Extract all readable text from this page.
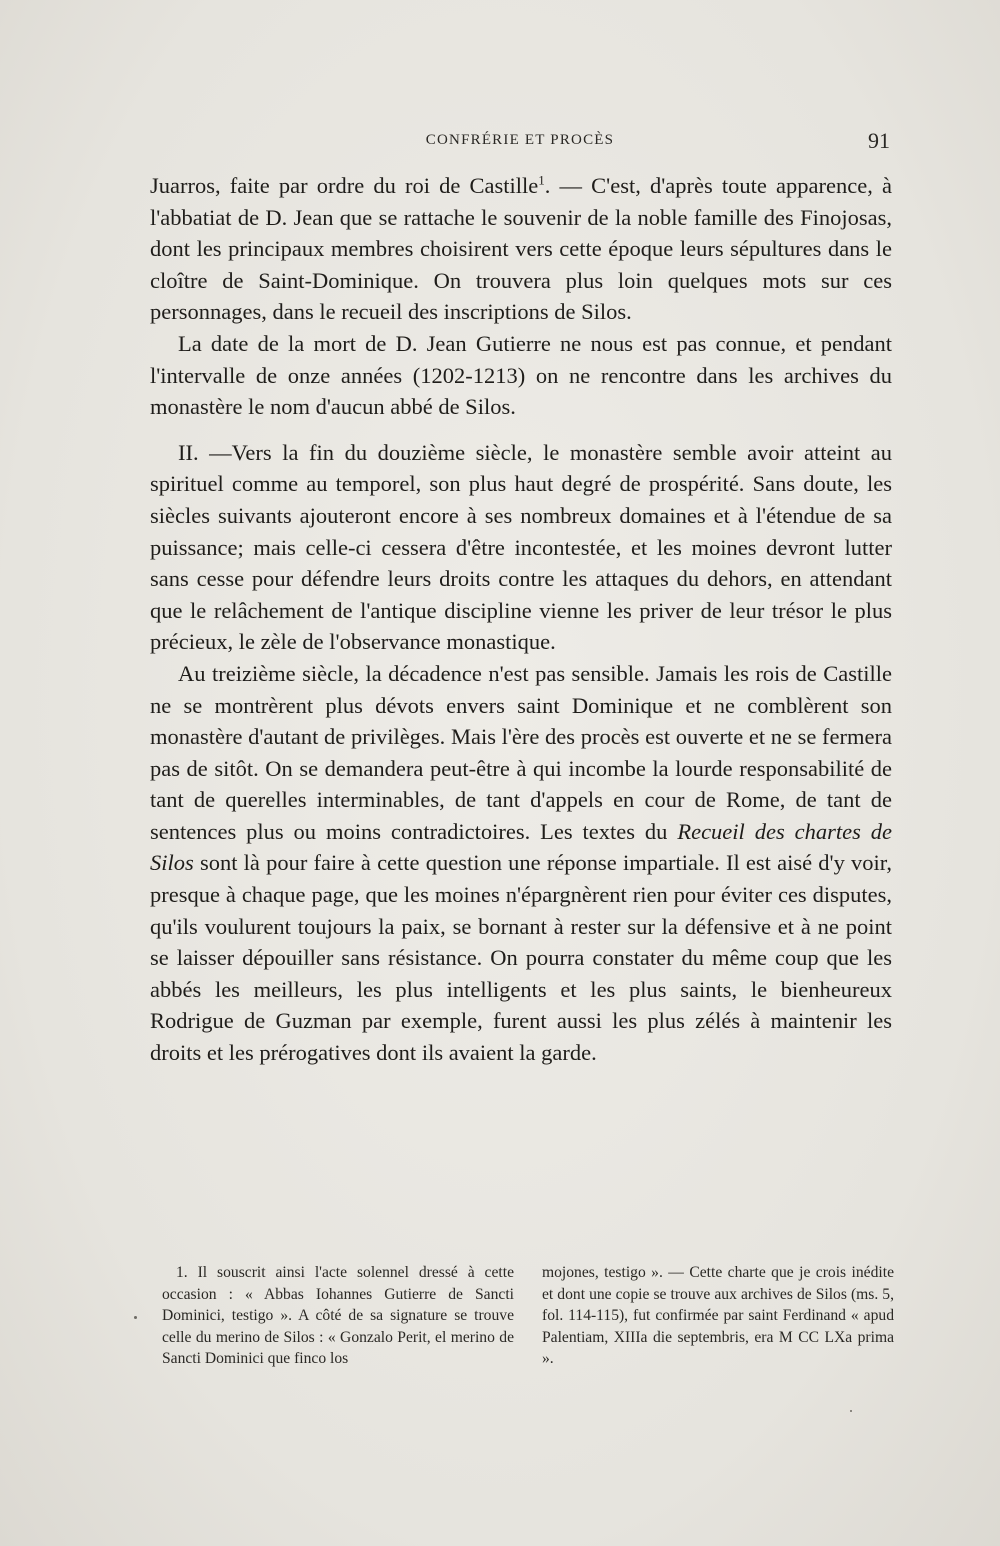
CONFRÉRIE ET PROCÈS	91

Juarros, faite par ordre du roi de Castille$^1$. — C'est, d'après toute apparence, à l'abbatiat de D. Jean que se rattache le souvenir de la noble famille des Finojosas, dont les principaux membres choisirent vers cette époque leurs sépultures dans le cloître de Saint-Dominique. On trouvera plus loin quelques mots sur ces personnages, dans le recueil des inscriptions de Silos.

La date de la mort de D. Jean Gutierre ne nous est pas connue, et pendant l'intervalle de onze années (1202-1213) on ne rencontre dans les archives du monastère le nom d'aucun abbé de Silos.

II. —Vers la fin du douzième siècle, le monastère semble avoir atteint au spirituel comme au temporel, son plus haut degré de prospérité. Sans doute, les siècles suivants ajouteront encore à ses nombreux domaines et à l'étendue de sa puissance; mais celle-ci cessera d'être incontestée, et les moines devront lutter sans cesse pour défendre leurs droits contre les attaques du dehors, en attendant que le relâchement de l'antique discipline vienne les priver de leur trésor le plus précieux, le zèle de l'observance monastique.

Au treizième siècle, la décadence n'est pas sensible. Jamais les rois de Castille ne se montrèrent plus dévots envers saint Dominique et ne comblèrent son monastère d'autant de privilèges. Mais l'ère des procès est ouverte et ne se fermera pas de sitôt. On se demandera peut-être à qui incombe la lourde responsabilité de tant de querelles interminables, de tant d'appels en cour de Rome, de tant de sentences plus ou moins contradictoires. Les textes du Recueil des chartes de Silos sont là pour faire à cette question une réponse impartiale. Il est aisé d'y voir, presque à chaque page, que les moines n'épargnèrent rien pour éviter ces disputes, qu'ils voulurent toujours la paix, se bornant à rester sur la défensive et à ne point se laisser dépouiller sans résistance. On pourra constater du même coup que les abbés les meilleurs, les plus intelligents et les plus saints, le bienheureux Rodrigue de Guzman par exemple, furent aussi les plus zélés à maintenir les droits et les prérogatives dont ils avaient la garde.

1. Il souscrit ainsi l'acte solennel dressé à cette occasion : « Abbas Iohannes Gutierre de Sancti Dominici, testigo ». A côté de sa signature se trouve celle du merino de Silos : « Gonzalo Perit, el merino de Sancti Dominici que finco los

mojones, testigo ». — Cette charte que je crois inédite et dont une copie se trouve aux archives de Silos (ms. 5, fol. 114-115), fut confirmée par saint Ferdinand « apud Palentiam, XIIIa die septembris, era M CC LXa prima ».
